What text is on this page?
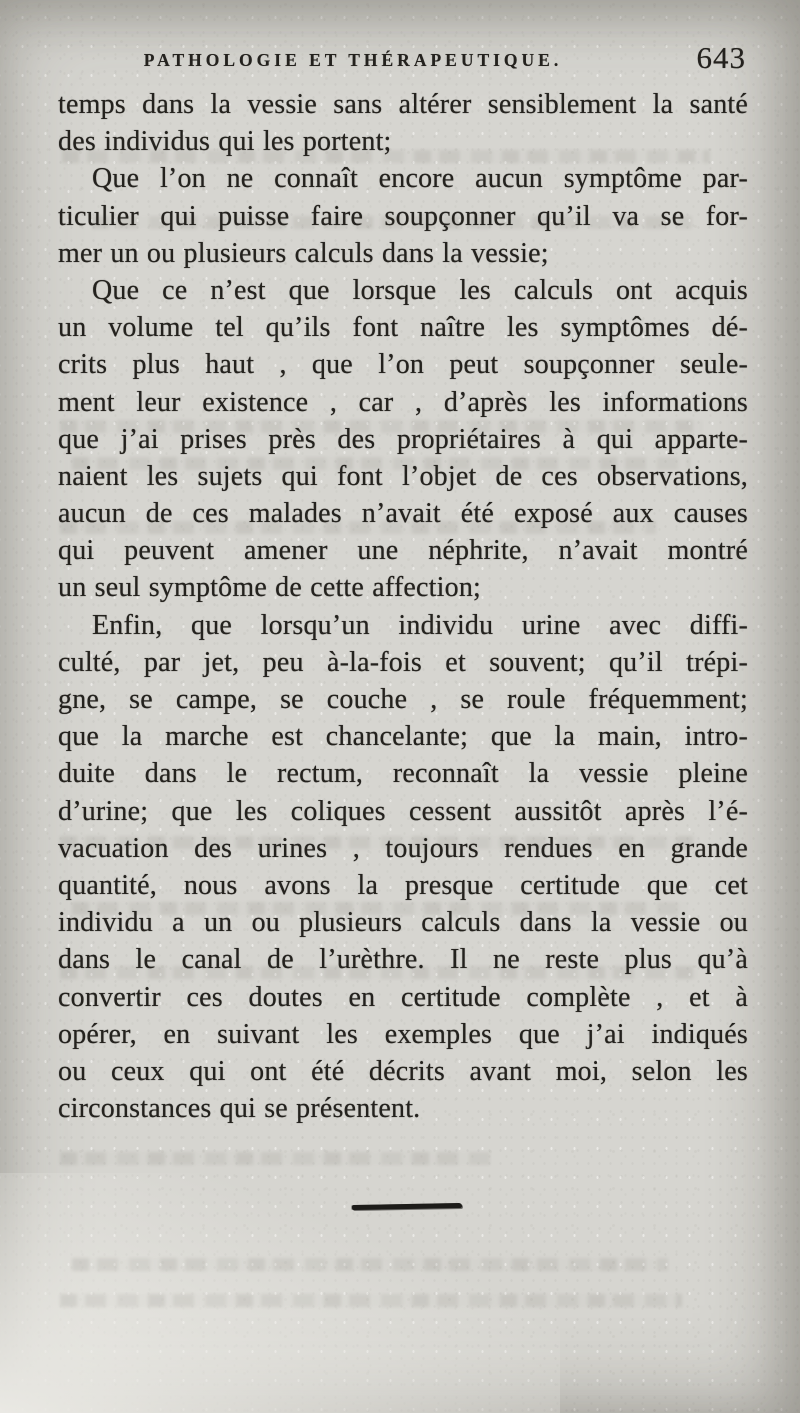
PATHOLOGIE ET THÉRAPEUTIQUE.	643
temps dans la vessie sans altérer sensiblement la santé
des individus qui les portent;
Que l’on ne connaît encore aucun symptôme par-
ticulier qui puisse faire soupçonner qu’il va se for-
mer un ou plusieurs calculs dans la vessie;
Que ce n’est que lorsque les calculs ont acquis
un volume tel qu’ils font naître les symptômes dé-
crits plus haut , que l’on peut soupçonner seule-
ment leur existence , car , d’après les informations
que j’ai prises près des propriétaires à qui apparte-
naient les sujets qui font l’objet de ces observations,
aucun de ces malades n’avait été exposé aux causes
qui peuvent amener une néphrite, n’avait montré
un seul symptôme de cette affection;
Enfin, que lorsqu’un individu urine avec diffi-
culté, par jet, peu à-la-fois et souvent; qu’il trépi-
gne, se campe, se couche , se roule fréquemment;
que la marche est chancelante; que la main, intro-
duite dans le rectum, reconnaît la vessie pleine
d’urine; que les coliques cessent aussitôt après l’é-
vacuation des urines , toujours rendues en grande
quantité, nous avons la presque certitude que cet
individu a un ou plusieurs calculs dans la vessie ou
dans le canal de l’urèthre. Il ne reste plus qu’à
convertir ces doutes en certitude complète , et à
opérer, en suivant les exemples que j’ai indiqués
ou ceux qui ont été décrits avant moi, selon les
circonstances qui se présentent.
